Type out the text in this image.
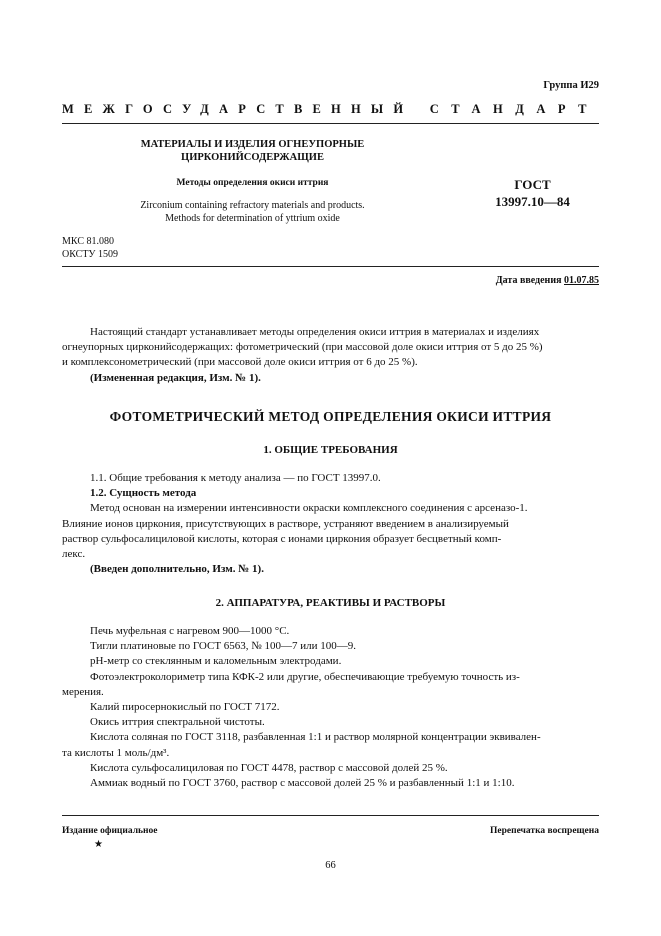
Группа И29
МЕЖГОСУДАРСТВЕННЫЙ СТАНДАРТ
МАТЕРИАЛЫ И ИЗДЕЛИЯ ОГНЕУПОРНЫЕ
ЦИРКОНИЙСОДЕРЖАЩИЕ
Методы определения окиси иттрия
Zirconium containing refractory materials and products.
Methods for determination of yttrium oxide
ГОСТ
13997.10—84
МКС 81.080
ОКСТУ 1509
Дата введения 01.07.85
Настоящий стандарт устанавливает методы определения окиси иттрия в материалах и изделиях
огнеупорных цирконийсодержащих: фотометрический (при массовой доле окиси иттрия от 5 до 25 %)
и комплексонометрический (при массовой доле окиси иттрия от 6 до 25 %).
(Измененная редакция, Изм. № 1).
ФОТОМЕТРИЧЕСКИЙ МЕТОД ОПРЕДЕЛЕНИЯ ОКИСИ ИТТРИЯ
1. ОБЩИЕ ТРЕБОВАНИЯ
1.1. Общие требования к методу анализа — по ГОСТ 13997.0.
1.2. Сущность метода
Метод основан на измерении интенсивности окраски комплексного соединения с арсеназо-1.
Влияние ионов циркония, присутствующих в растворе, устраняют введением в анализируемый
раствор сульфосалициловой кислоты, которая с ионами циркония образует бесцветный комп-
лекс.
(Введен дополнительно, Изм. № 1).
2. АППАРАТУРА, РЕАКТИВЫ И РАСТВОРЫ
Печь муфельная с нагревом 900—1000 °С.
Тигли платиновые по ГОСТ 6563, № 100—7 или 100—9.
рН-метр со стеклянным и каломельным электродами.
Фотоэлектроколориметр типа КФК-2 или другие, обеспечивающие требуемую точность из-
мерения.
Калий пиросернокислый по ГОСТ 7172.
Окись иттрия спектральной чистоты.
Кислота соляная по ГОСТ 3118, разбавленная 1:1 и раствор молярной концентрации эквивален-
та кислоты 1 моль/дм³.
Кислота сульфосалициловая по ГОСТ 4478, раствор с массовой долей 25 %.
Аммиак водный по ГОСТ 3760, раствор с массовой долей 25 % и разбавленный 1:1 и 1:10.
Издание официальное
★
Перепечатка воспрещена
66
